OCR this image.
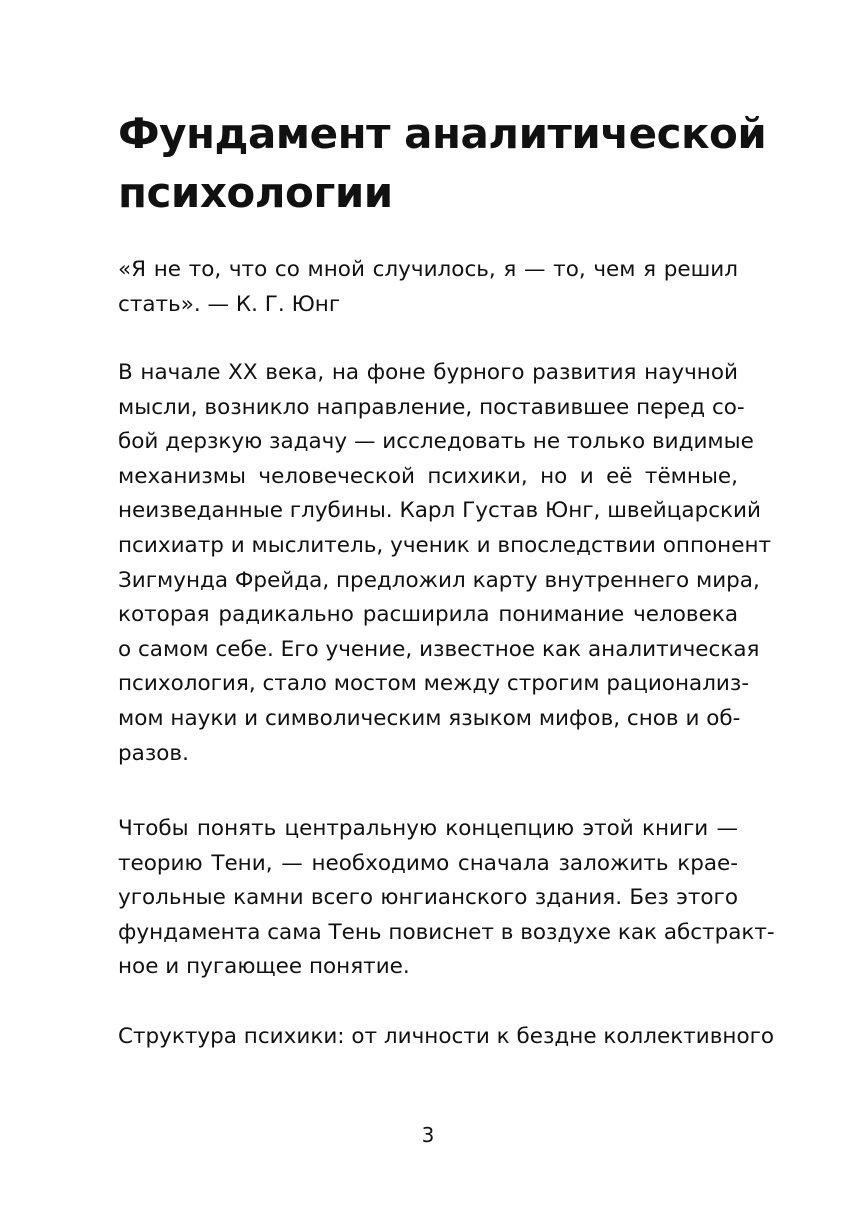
Фундамент аналитической
психологии
«Я не то, что со мной случилось, я — то, чем я решил
стать». — К. Г. Юнг
В начале XX века, на фоне бурного развития научной
мысли, возникло направление, поставившее перед со-
бой дерзкую задачу — исследовать не только видимые
механизмы человеческой психики, но и её тёмные,
неизведанные глубины. Карл Густав Юнг, швейцарский
психиатр и мыслитель, ученик и впоследствии оппонент
Зигмунда Фрейда, предложил карту внутреннего мира,
которая радикально расширила понимание человека
о самом себе. Его учение, известное как аналитическая
психология, стало мостом между строгим рационализ-
мом науки и символическим языком мифов, снов и об-
разов.
Чтобы понять центральную концепцию этой книги —
теорию Тени, — необходимо сначала заложить крае-
угольные камни всего юнгианского здания. Без этого
фундамента сама Тень повиснет в воздухе как абстракт-
ное и пугающее понятие.
Структура психики: от личности к бездне коллективного
3
